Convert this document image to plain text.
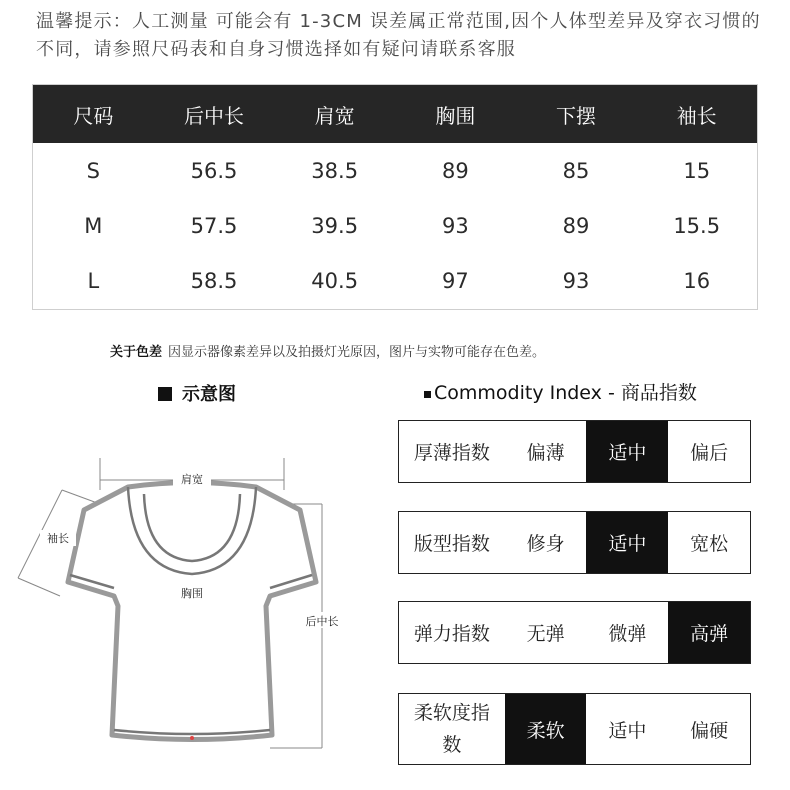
温馨提示：人工测量 可能会有 1-3CM 误差属正常范围,因个人体型差异及穿衣习惯的不同，请参照尺码表和自身习惯选择如有疑问请联系客服
尺码	后中长	肩宽	胸围	下摆	袖长
S	56.5	38.5	89	85	15
M	57.5	39.5	93	89	15.5
L	58.5	40.5	97	93	16
关于色差 因显示器像素差异以及拍摄灯光原因，图片与实物可能存在色差。
示意图	Commodity Index - 商品指数
肩宽
袖长
胸围
后中长
厚薄指数	偏薄	适中	偏后
版型指数	修身	适中	宽松
弹力指数	无弹	微弹	高弹
柔软度指数
柔软	适中	偏硬
